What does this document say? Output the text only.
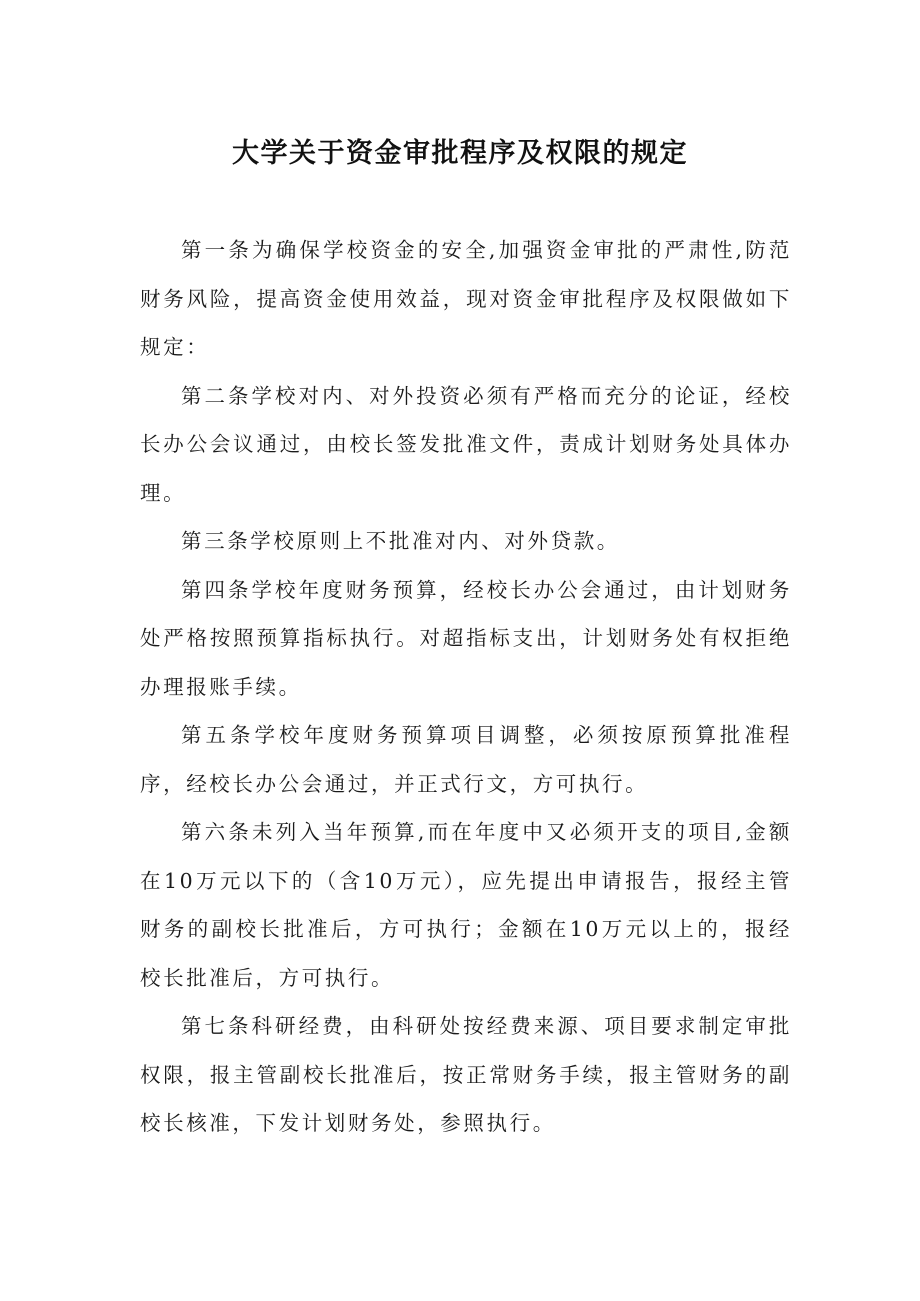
大学关于资金审批程序及权限的规定

第一条为确保学校资金的安全,加强资金审批的严肃性,防范财务风险，提高资金使用效益，现对资金审批程序及权限做如下规定：

第二条学校对内、对外投资必须有严格而充分的论证，经校长办公会议通过，由校长签发批准文件，责成计划财务处具体办理。

第三条学校原则上不批准对内、对外贷款。

第四条学校年度财务预算，经校长办公会通过，由计划财务处严格按照预算指标执行。对超指标支出，计划财务处有权拒绝办理报账手续。

第五条学校年度财务预算项目调整，必须按原预算批准程序，经校长办公会通过，并正式行文，方可执行。

第六条未列入当年预算,而在年度中又必须开支的项目,金额在10万元以下的（含10万元），应先提出申请报告，报经主管财务的副校长批准后，方可执行；金额在10万元以上的，报经校长批准后，方可执行。

第七条科研经费，由科研处按经费来源、项目要求制定审批权限，报主管副校长批准后，按正常财务手续，报主管财务的副校长核准，下发计划财务处，参照执行。
